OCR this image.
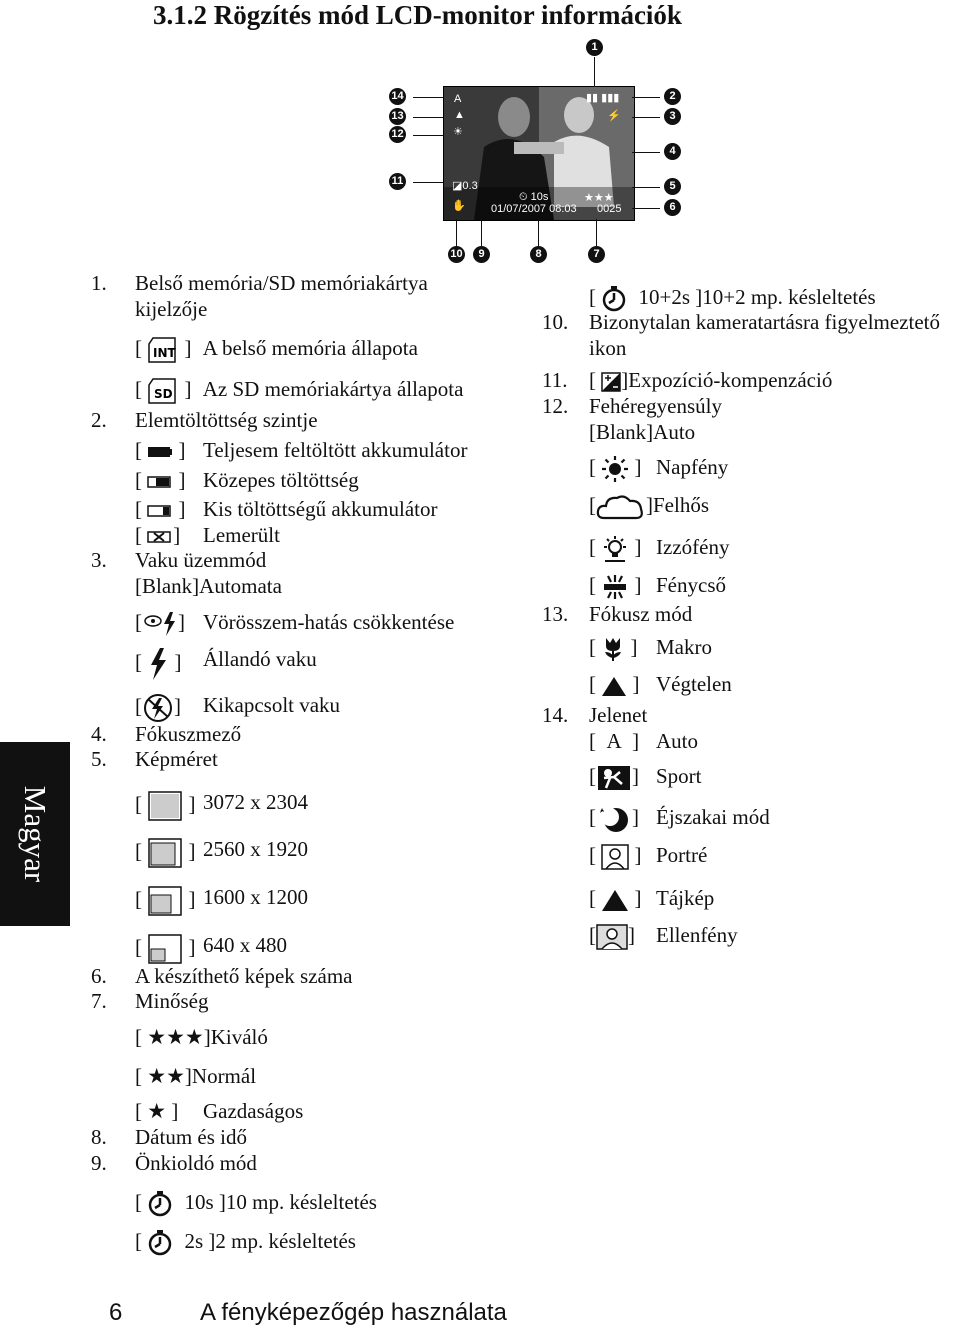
3.1.2 Rögzítés mód LCD-monitor információk
Magyar
A
▲
☀
▮▮ ▮▮▮
⚡
◪0.3
⏲ 10s	★★★
✋ 01/07/2007 08:03 0025
1
2
3
4
5
6
7
8
9
10
11
12
13
14
1. Belső memória/SD memóriakártya
kijelzője
[ INT ] A belső memória állapota
[ SD ] Az SD memóriakártya állapota
2. Elemtöltöttség szintje
[  ] Teljesem feltöltött akkumulátor
[  ] Közepes töltöttség
[  ] Kis töltöttségű akkumulátor
[ ] Lemerült
3. Vaku üzemmód
[Blank]Automata
[ ] Vörösszem-hatás csökkentése
[  ] Állandó vaku
[ ] Kikapcsolt vaku
4. Fókuszmező
5. Képméret
[  ] 3072 x 2304
[  ] 2560 x 1920
[  ] 1600 x 1200
[  ] 640 x 480
6. A készíthető képek száma
7. Minőség
[ ★★★]Kiváló
[ ★★]Normál
[ ★ ] Gazdaságos
8. Dátum és idő
9. Önkioldó mód
[  10s ]10 mp. késleltetés
[  2s ]2 mp. késleltetés
[  10+2s ]10+2 mp. késleltetés
10. Bizonytalan kameratartásra figyelmeztető
ikon
11. [ ]Expozíció-kompenzáció
12. Fehéregyensúly
[Blank]Auto
[  ] Napfény
[ ]Felhős
[  ] Izzófény
[  ] Fénycső
13. Fókusz mód
[  ] Makro
[  ] Végtelen
14. Jelenet
[  A  ] Auto
[ ] Sport
[ ] Éjszakai mód
[  ] Portré
[  ] Tájkép
[ ] Ellenfény
6	A fényképezőgép használata
